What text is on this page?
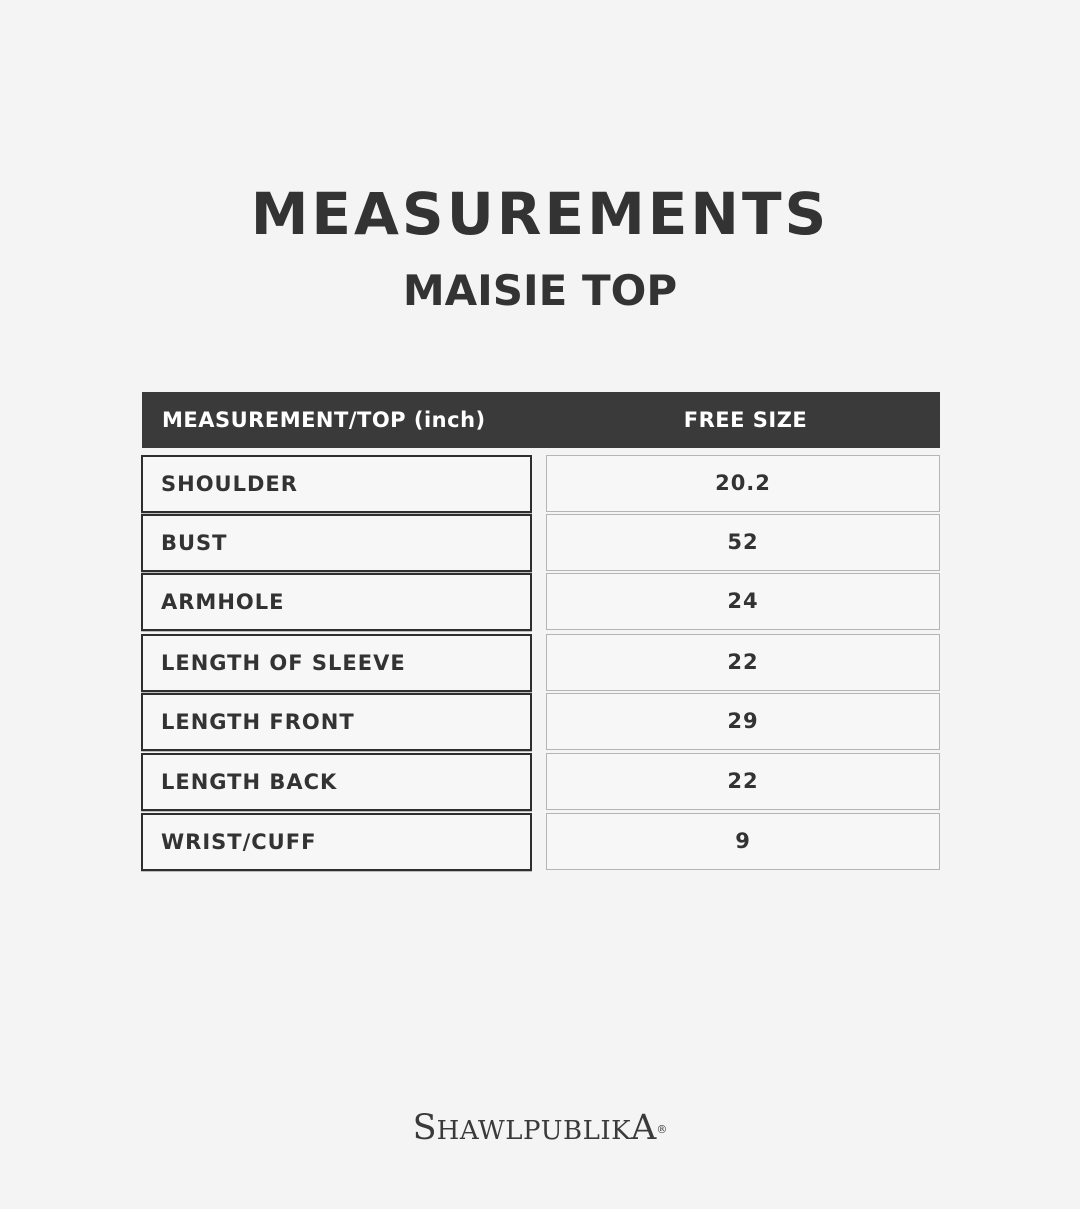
MEASUREMENTS
MAISIE TOP
MEASUREMENT/TOP (inch)	FREE SIZE
SHOULDER	20.2
BUST	52
ARMHOLE	24
LENGTH OF SLEEVE	22
LENGTH FRONT	29
LENGTH BACK	22
WRIST/CUFF	9
SHAWLPUBLIKA®
